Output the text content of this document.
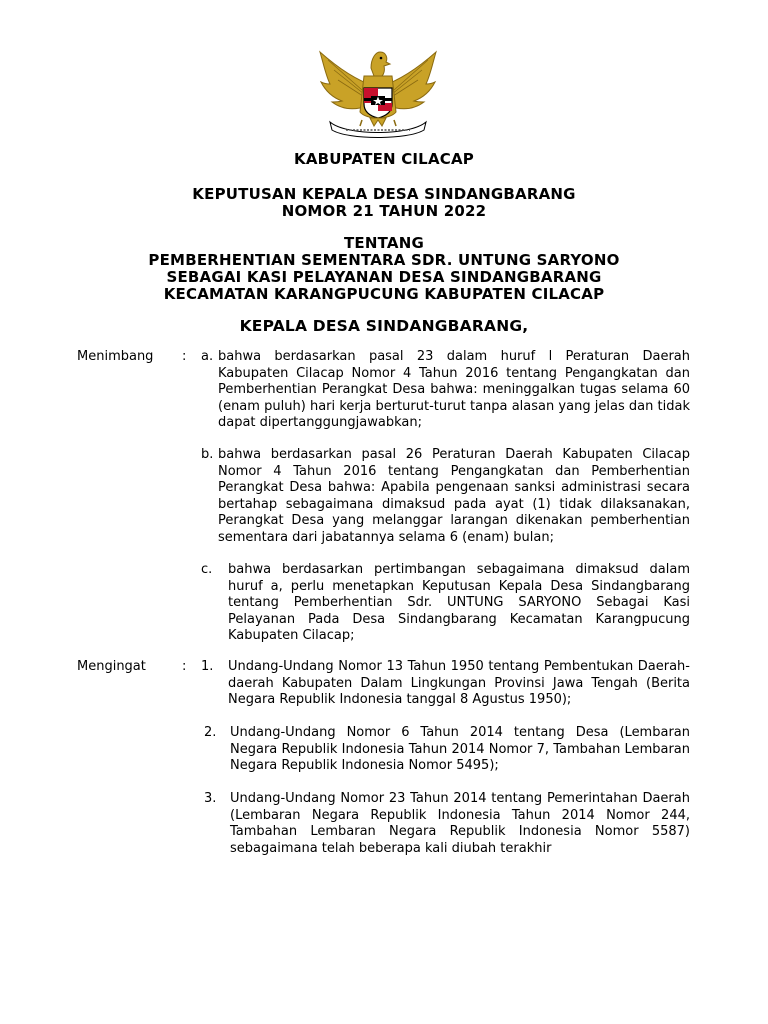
KABUPATEN CILACAP
KEPUTUSAN KEPALA DESA SINDANGBARANG
NOMOR 21 TAHUN 2022
TENTANG
PEMBERHENTIAN SEMENTARA SDR. UNTUNG SARYONO
SEBAGAI KASI PELAYANAN DESA SINDANGBARANG
KECAMATAN KARANGPUCUNG KABUPATEN CILACAP
KEPALA DESA SINDANGBARANG,
Menimbang : a. bahwa berdasarkan pasal 23 dalam huruf l Peraturan Daerah Kabupaten Cilacap Nomor 4 Tahun 2016 tentang Pengangkatan dan Pemberhentian Perangkat Desa bahwa: meninggalkan tugas selama 60 (enam puluh) hari kerja berturut-turut tanpa alasan yang jelas dan tidak dapat dipertanggungjawabkan;
b. bahwa berdasarkan pasal 26 Peraturan Daerah Kabupaten Cilacap Nomor 4 Tahun 2016 tentang Pengangkatan dan Pemberhentian Perangkat Desa bahwa: Apabila pengenaan sanksi administrasi secara bertahap sebagaimana dimaksud pada ayat (1) tidak dilaksanakan, Perangkat Desa yang melanggar larangan dikenakan pemberhentian sementara dari jabatannya selama 6 (enam) bulan;
c. bahwa berdasarkan pertimbangan sebagaimana dimaksud dalam huruf a, perlu menetapkan Keputusan Kepala Desa Sindangbarang tentang Pemberhentian Sdr. UNTUNG SARYONO Sebagai Kasi Pelayanan Pada Desa Sindangbarang Kecamatan Karangpucung Kabupaten Cilacap;
Mengingat	: 1. Undang-Undang Nomor 13 Tahun 1950 tentang Pembentukan Daerah-daerah Kabupaten Dalam Lingkungan Provinsi Jawa Tengah (Berita Negara Republik Indonesia tanggal 8 Agustus 1950);
2. Undang-Undang Nomor 6 Tahun 2014 tentang Desa (Lembaran Negara Republik Indonesia Tahun 2014 Nomor 7, Tambahan Lembaran Negara Republik Indonesia Nomor 5495);
3. Undang-Undang Nomor 23 Tahun 2014 tentang Pemerintahan Daerah (Lembaran Negara Republik Indonesia Tahun 2014 Nomor 244, Tambahan Lembaran Negara Republik Indonesia Nomor 5587) sebagaimana telah beberapa kali diubah terakhir
